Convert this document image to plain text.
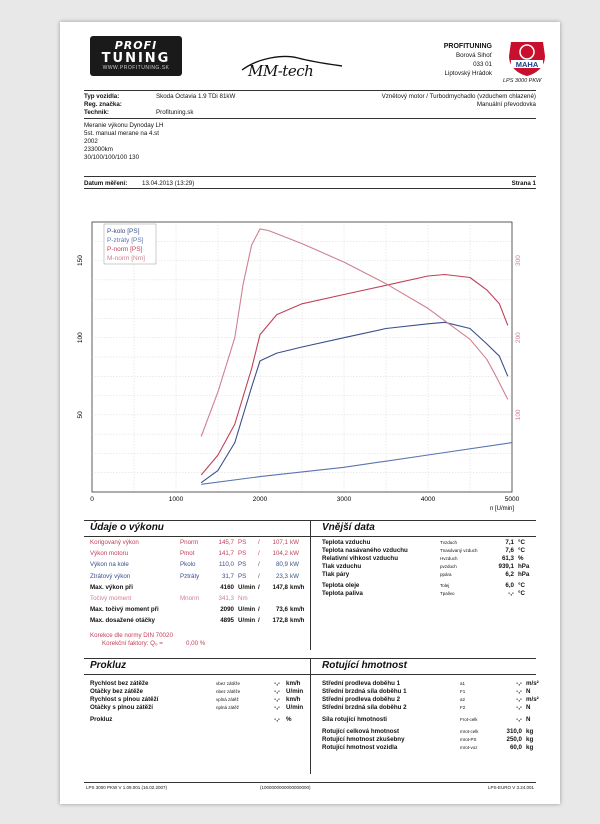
PROFI
TUNING
WWW.PROFITUNING.SK	MM-tech
PROFITUNING
Borová Sihoť
033 01
Liptovský Hrádok
MAHA
LPS 3000 PKW
Typ vozidla:	Skoda Octavia 1.9 TDi 81kW	Vznětový motor / Turbodmychadlo (vzduchem chlazené)
Reg. značka:	Manuální převodovka
Technik:	Profituning.sk
Meranie výkonu Dynoday LH
5st. manual merane na 4.st
2002
233000km
30/100/100/100 130
Datum měření: 13.04.2013 (13:29)	Strana 1
0	1000	2000	3000	4000	5000
50
100
150
100
200
300
n [U/min]
P-kolo [PS]
P-ztráty [PS]
P-norm [PS]
M-norm [Nm]
Údaje o výkonu	Vnější data
Korigovaný výkon	Pnorm	145,7 PS /	107,1 kW
Výkon motoru	Pmot	141,7 PS /	104,2 kW
Výkon na kole	Pkolo	110,0 PS /	80,9 kW
Ztrátový výkon	Pztráty	31,7 PS /	23,3 kW
Max. výkon při	4160 U/min /	147,8 km/h
Točivý moment	Mnorm	341,3 Nm
Max. točivý moment při	2090 U/min /	73,6 km/h
Max. dosažené otáčky	4895 U/min /	172,8 km/h
Teplota vzduchu	Tvzduch	7,1 °C
Teplota nasávaného vzduchu	Tnasávaný vzduch	7,6 °C
Relativní vlhkost vzduchu	Hvzduch	61,3 %
Tlak vzduchu	pvzduch	939,1 hPa
Tlak páry	ppára	6,2 hPa
Teplota oleje	Tolej	6,0 °C
Teplota paliva	Tpalivo	-,- °C
Korekce dle normy DIN 70020
Korekční faktory: Q₀ =	0,00 %
Prokluz	Rotující hmotnost
Rychlost bez zátěže	vbez zátěže	-,- km/h
Otáčky bez zátěže	nbez zátěže	-,- U/min
Rychlost s plnou zátěží	vplná zátěž	-,- km/h
Otáčky s plnou zátěží	nplná zátěž	-,- U/min
Prokluz	-,- %
Střední prodleva doběhu 1	a1	-,- m/s²
Střední brzdná síla doběhu 1	F1	-,- N
Střední prodleva doběhu 2	a2	-,- m/s²
Střední brzdná síla doběhu 2	F2	-,- N
Síla rotující hmotnosti	Frot-celk	-,- N
Rotující celková hmotnost	mrot-celk	310,0 kg
Rotující hmotnost zkušebny	mrot-PS	250,0 kg
Rotující hmotnost vozidla	mrot-voz	60,0 kg
LPS 3000 PKW V 1.09.001 (16.02.2007)	(1000000000000000000)	LPS-EURO V 3.24.001
